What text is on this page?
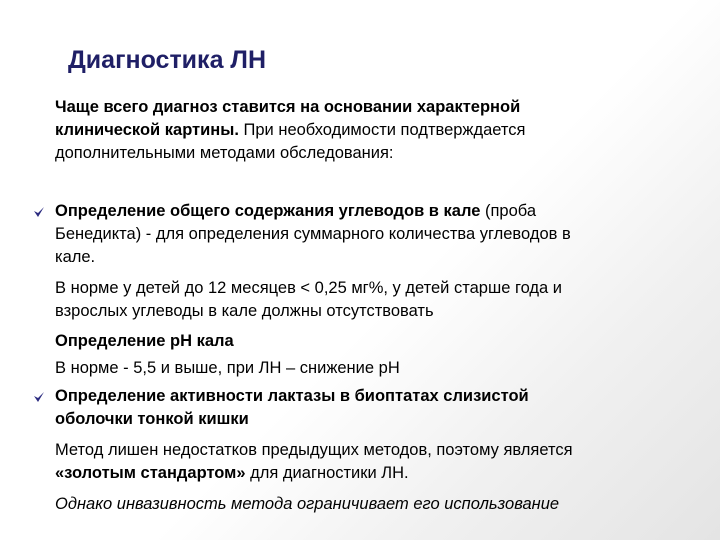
Диагностика ЛН
Чаще всего диагноз ставится на основании характерной
клинической картины. При необходимости подтверждается
дополнительными методами обследования:
Определение общего содержания углеводов в кале (проба
Бенедикта) - для определения суммарного количества углеводов в
кале.
В норме у детей до 12 месяцев < 0,25 мг%, у детей старше года и
взрослых углеводы в кале должны отсутствовать
Определение pH кала
В норме - 5,5 и выше, при ЛН – снижение pH
Определение активности лактазы в биоптатах слизистой
оболочки тонкой кишки
Метод лишен недостатков предыдущих методов, поэтому является
«золотым стандартом» для диагностики ЛН.
Однако инвазивность метода ограничивает его использование
